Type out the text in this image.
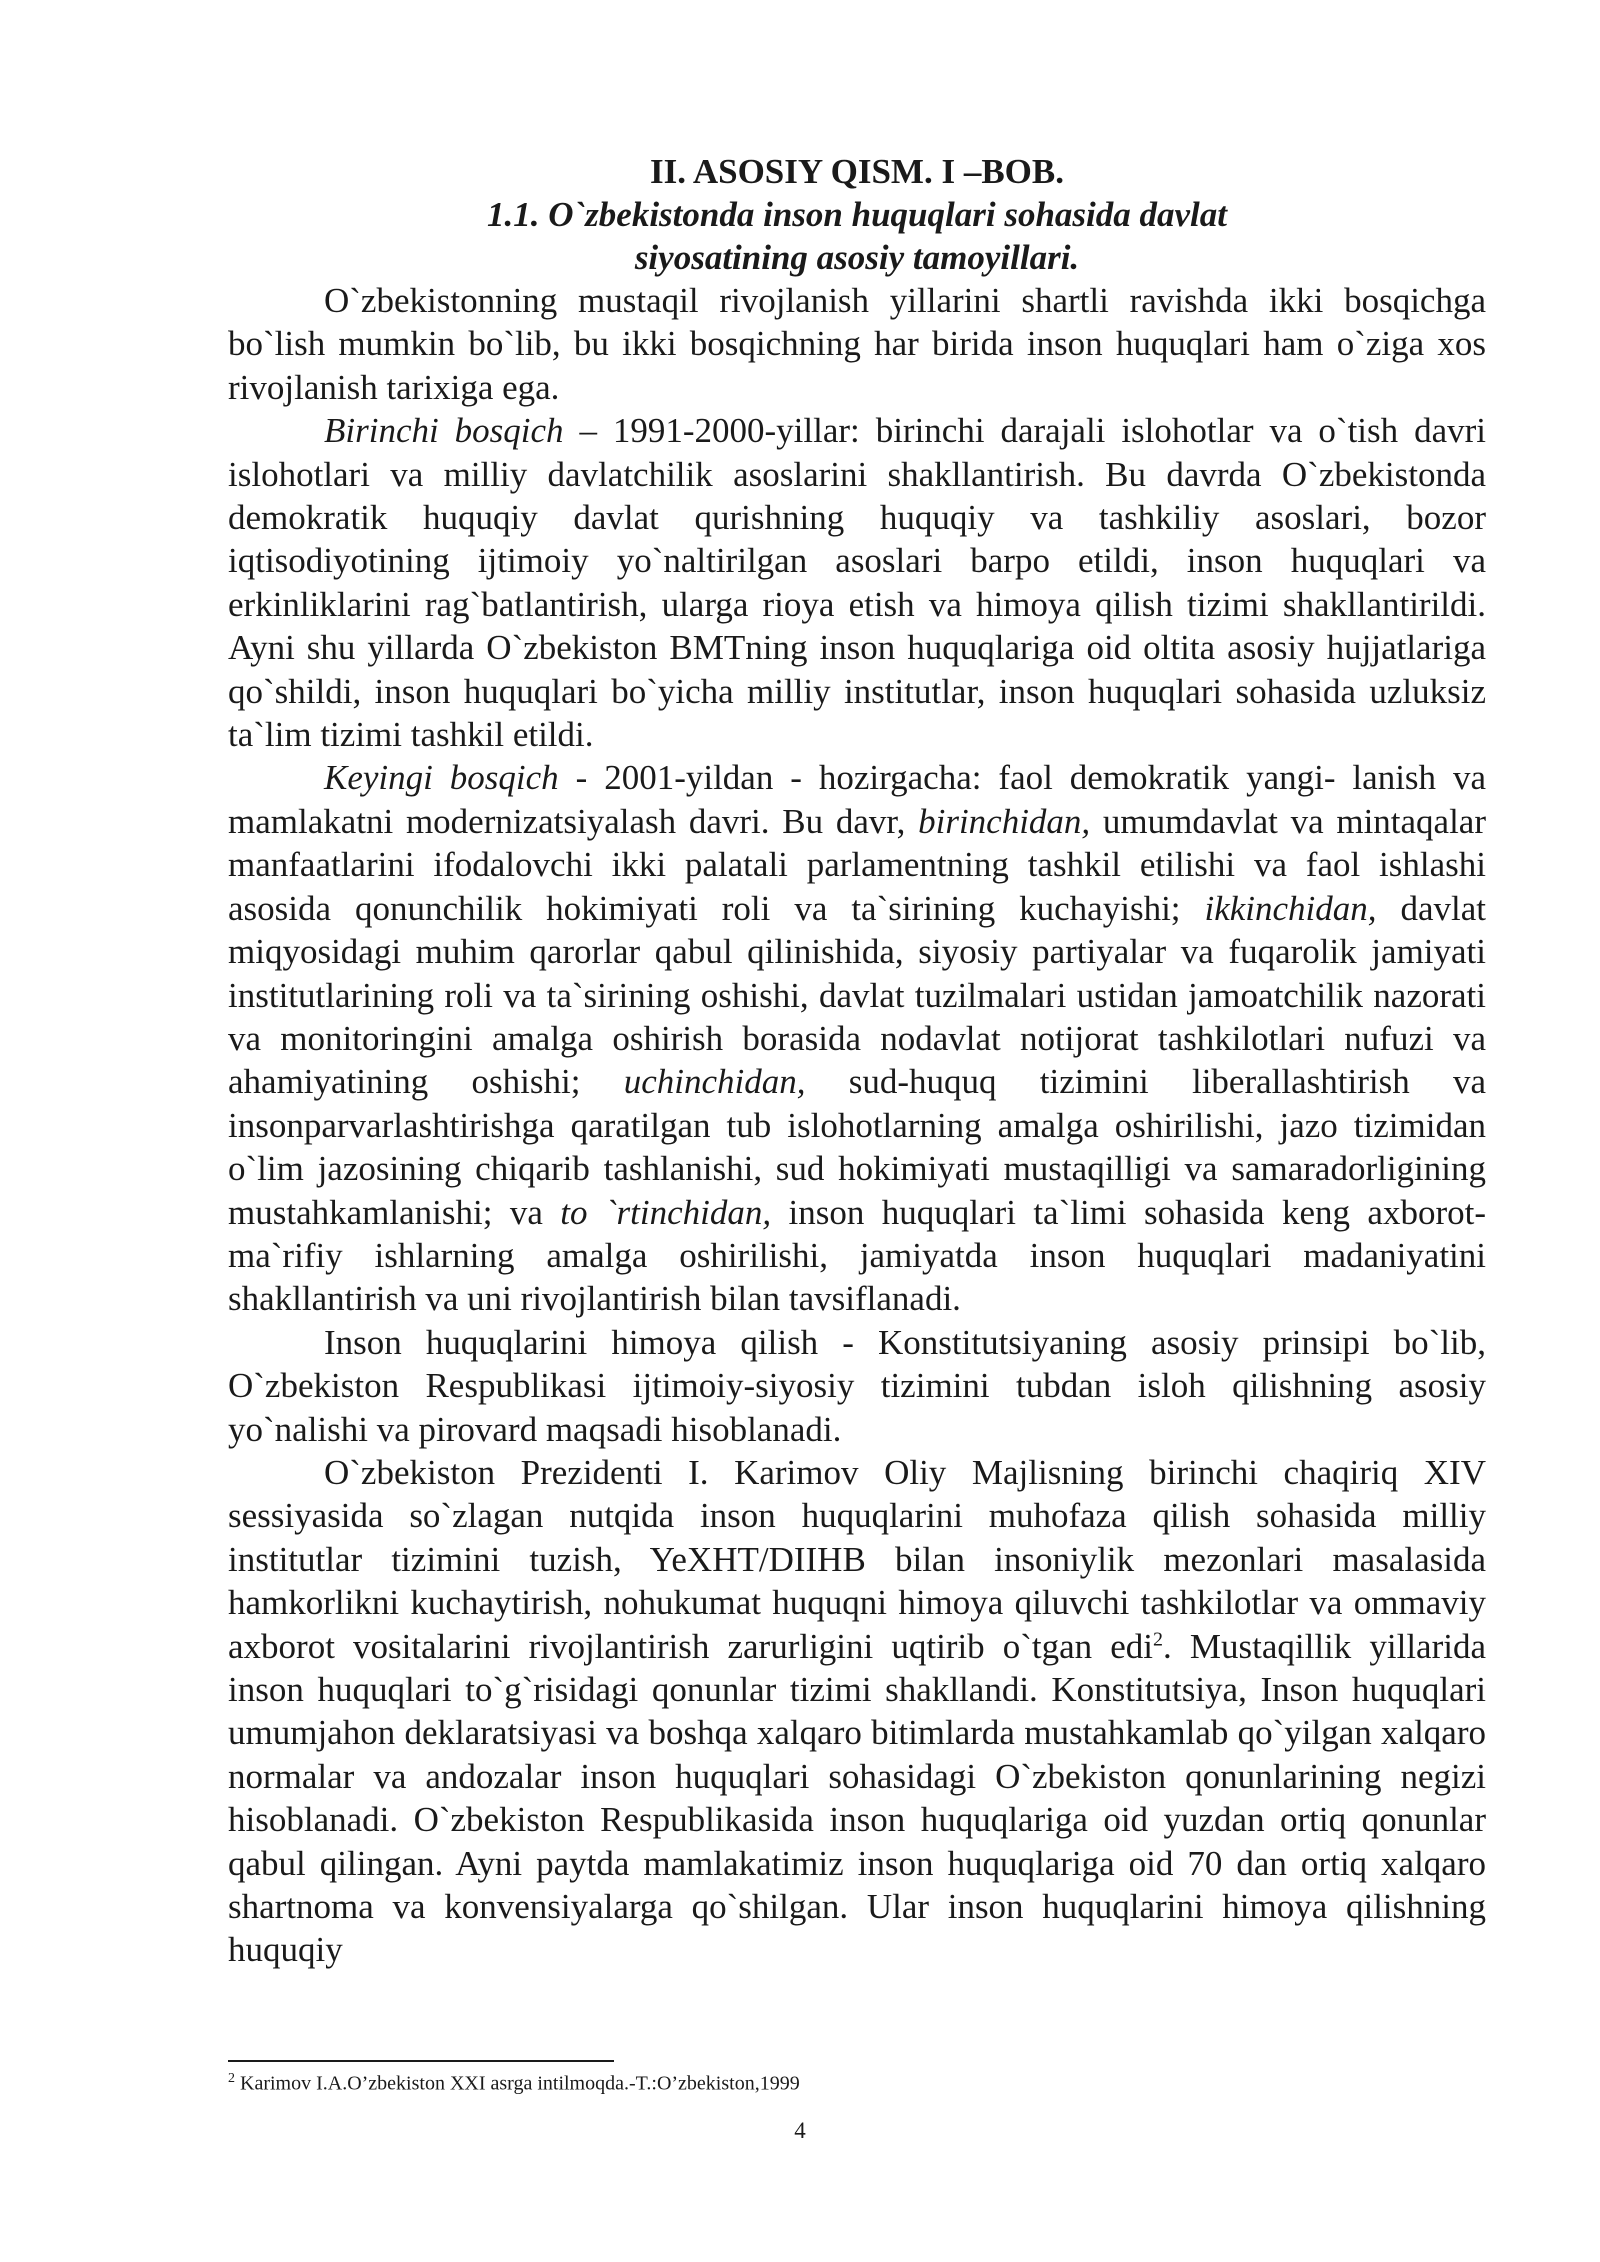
II. ASOSIY QISM. I –BOB.

1.1. O`zbekistonda inson huquqlari sohasida davlat

siyosatining asosiy tamoyillari.

O`zbekistonning mustaqil rivojlanish yillarini shartli ravishda ikki bosqichga bo`lish mumkin bo`lib, bu ikki bosqichning har birida inson huquqlari ham o`ziga xos rivojlanish tarixiga ega.

Birinchi bosqich – 1991-2000-yillar: birinchi darajali islohotlar va o`tish davri islohotlari va milliy davlatchilik asoslarini shakllantirish. Bu davrda O`zbekistonda demokratik huquqiy davlat qurishning huquqiy va tashkiliy asoslari, bozor iqtisodiyotining ijtimoiy yo`naltirilgan asoslari barpo etildi, inson huquqlari va erkinliklarini rag`batlantirish, ularga rioya etish va himoya qilish tizimi shakllantirildi. Ayni shu yillarda O`zbekiston BMTning inson huquqlariga oid oltita asosiy hujjatlariga qo`shildi, inson huquqlari bo`yicha milliy institutlar, inson huquqlari sohasida uzluksiz ta`lim tizimi tashkil etildi.

Keyingi bosqich - 2001-yildan - hozirgacha: faol demokratik yangi- lanish va mamlakatni modernizatsiyalash davri. Bu davr, birinchidan, umumdavlat va mintaqalar manfaatlarini ifodalovchi ikki palatali parlamentning tashkil etilishi va faol ishlashi asosida qonunchilik hokimiyati roli va ta`sirining kuchayishi; ikkinchidan, davlat miqyosidagi muhim qarorlar qabul qilinishida, siyosiy partiyalar va fuqarolik jamiyati institutlarining roli va ta`sirining oshishi, davlat tuzilmalari ustidan jamoatchilik nazorati va monitoringini amalga oshirish borasida nodavlat notijorat tashkilotlari nufuzi va ahamiyatining oshishi; uchinchidan, sud-huquq tizimini liberallashtirish va insonparvarlashtirishga qaratilgan tub islohotlarning amalga oshirilishi, jazo tizimidan o`lim jazosining chiqarib tashlanishi, sud hokimiyati mustaqilligi va samaradorligining mustahkamlanishi; va to `rtinchidan, inson huquqlari ta`limi sohasida keng axborot-ma`rifiy ishlarning amalga oshirilishi, jamiyatda inson huquqlari madaniyatini shakllantirish va uni rivojlantirish bilan tavsiflanadi.

Inson huquqlarini himoya qilish - Konstitutsiyaning asosiy prinsipi bo`lib, O`zbekiston Respublikasi ijtimoiy-siyosiy tizimini tubdan isloh qilishning asosiy yo`nalishi va pirovard maqsadi hisoblanadi.

O`zbekiston Prezidenti I. Karimov Oliy Majlisning birinchi chaqiriq XIV sessiyasida so`zlagan nutqida inson huquqlarini muhofaza qilish sohasida milliy institutlar tizimini tuzish, YeXHT/DIIHB bilan insoniylik mezonlari masalasida hamkorlikni kuchaytirish, nohukumat huquqni himoya qiluvchi tashkilotlar va ommaviy axborot vositalarini rivojlantirish zarurligini uqtirib o`tgan edi$^2$. Mustaqillik yillarida inson huquqlari to`g`risidagi qonunlar tizimi shakllandi. Konstitutsiya, Inson huquqlari umumjahon deklaratsiyasi va boshqa xalqaro bitimlarda mustahkamlab qo`yilgan xalqaro normalar va andozalar inson huquqlari sohasidagi O`zbekiston qonunlarining negizi hisoblanadi. O`zbekiston Respublikasida inson huquqlariga oid yuzdan ortiq qonunlar qabul qilingan. Ayni paytda mamlakatimiz inson huquqlariga oid 70 dan ortiq xalqaro shartnoma va konvensiyalarga qo`shilgan. Ular inson huquqlarini himoya qilishning huquqiy

$^2$ Karimov I.A.O’zbekiston XXI asrga intilmoqda.-T.:O’zbekiston,1999
4
